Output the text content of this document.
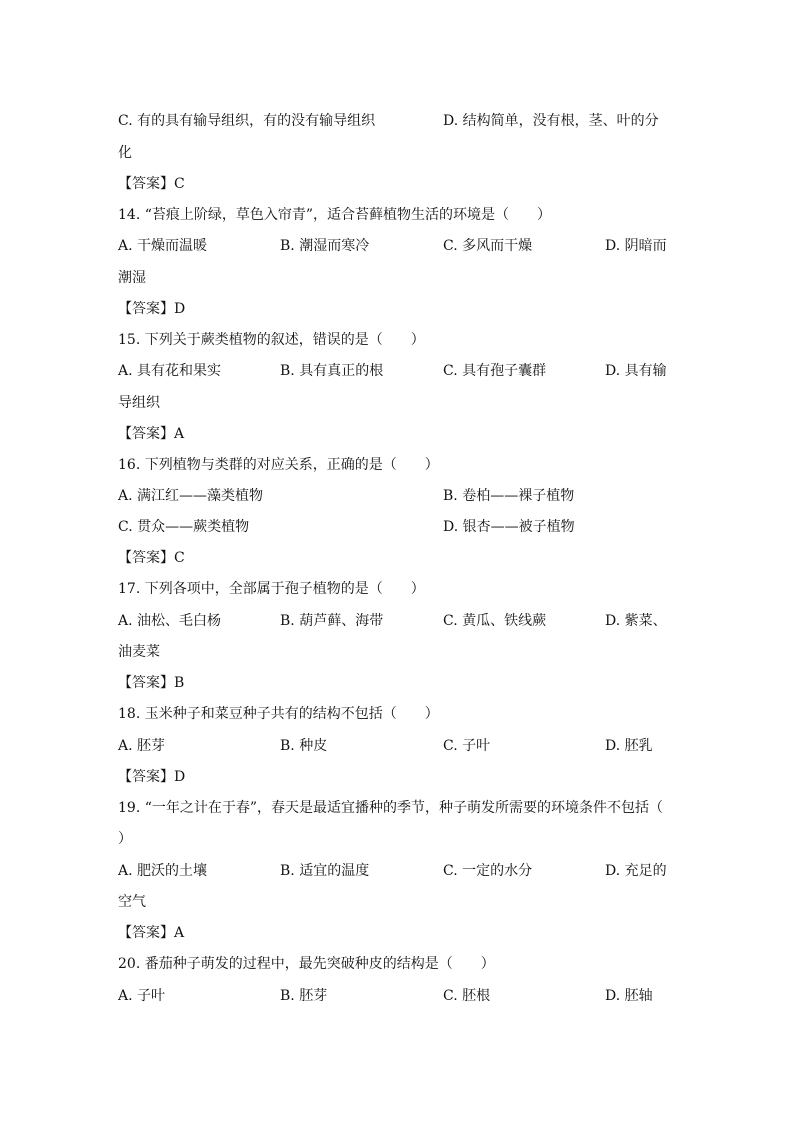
C. 有的具有输导组织，有的没有输导组织	D. 结构简单，没有根，茎、叶的分
化
【答案】C
14. “苔痕上阶绿，草色入帘青”，适合苔藓植物生活的环境是（　　）
A. 干燥而温暖	B. 潮湿而寒冷	C. 多风而干燥	D. 阴暗而
潮湿
【答案】D
15. 下列关于蕨类植物的叙述，错误的是（　　）
A. 具有花和果实	B. 具有真正的根	C. 具有孢子囊群	D. 具有输
导组织
【答案】A
16. 下列植物与类群的对应关系，正确的是（　　）
A. 满江红——藻类植物	B. 卷柏——裸子植物
C. 贯众——蕨类植物	D. 银杏——被子植物
【答案】C
17. 下列各项中，全部属于孢子植物的是（　　）
A. 油松、毛白杨	B. 葫芦藓、海带	C. 黄瓜、铁线蕨	D. 紫菜、
油麦菜
【答案】B
18. 玉米种子和菜豆种子共有的结构不包括（　　）
A. 胚芽	B. 种皮	C. 子叶	D. 胚乳
【答案】D
19. “一年之计在于春”，春天是最适宜播种的季节，种子萌发所需要的环境条件不包括（
）
A. 肥沃的土壤	B. 适宜的温度	C. 一定的水分	D. 充足的
空气
【答案】A
20. 番茄种子萌发的过程中，最先突破种皮的结构是（　　）
A. 子叶	B. 胚芽	C. 胚根	D. 胚轴
